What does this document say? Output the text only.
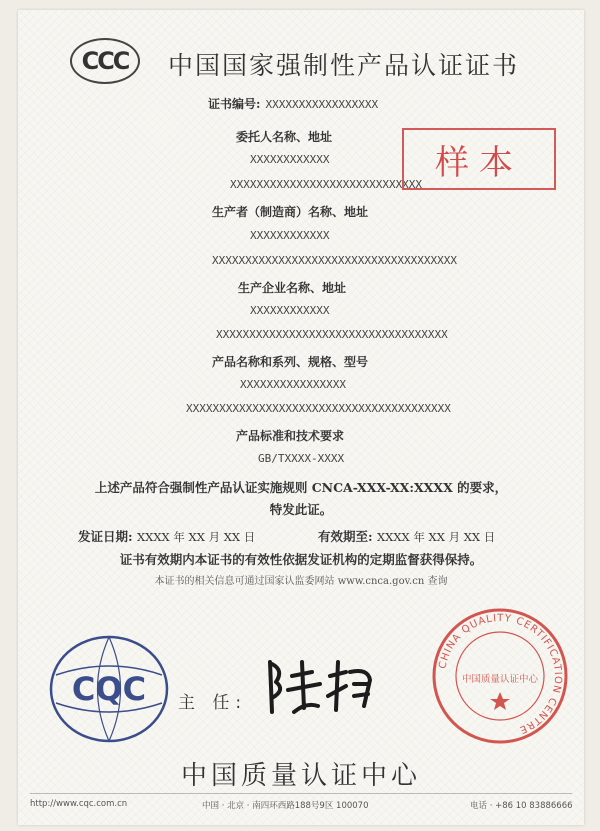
CCC 中国国家强制性产品认证证书
证书编号: XXXXXXXXXXXXXXXXX
委托人名称、地址
XXXXXXXXXXXX
XXXXXXXXXXXXXXXXXXXXXXXXXXXXX
样本
生产者（制造商）名称、地址
XXXXXXXXXXXX
XXXXXXXXXXXXXXXXXXXXXXXXXXXXXXXXXXXXX
生产企业名称、地址
XXXXXXXXXXXX
XXXXXXXXXXXXXXXXXXXXXXXXXXXXXXXXXXX
产品名称和系列、规格、型号
XXXXXXXXXXXXXXXX
XXXXXXXXXXXXXXXXXXXXXXXXXXXXXXXXXXXXXXXX
产品标准和技术要求
GB/TXXXX-XXXX
上述产品符合强制性产品认证实施规则 CNCA-XXX-XX:XXXX 的要求，
特发此证。
发证日期: XXXX 年 XX 月 XX 日	有效期至: XXXX 年 XX 月 XX 日
证书有效期内本证书的有效性依据发证机构的定期监督获得保持。
本证书的相关信息可通过国家认监委网站 www.cnca.gov.cn 查询
CQC 主 任:
CHINA QUALITY CERTIFICATION CENTRE
中国质量认证中心
中国质量认证中心
http://www.cqc.com.cn	中国 · 北京 · 南四环西路188号9区 100070	电话 · +86 10 83886666
